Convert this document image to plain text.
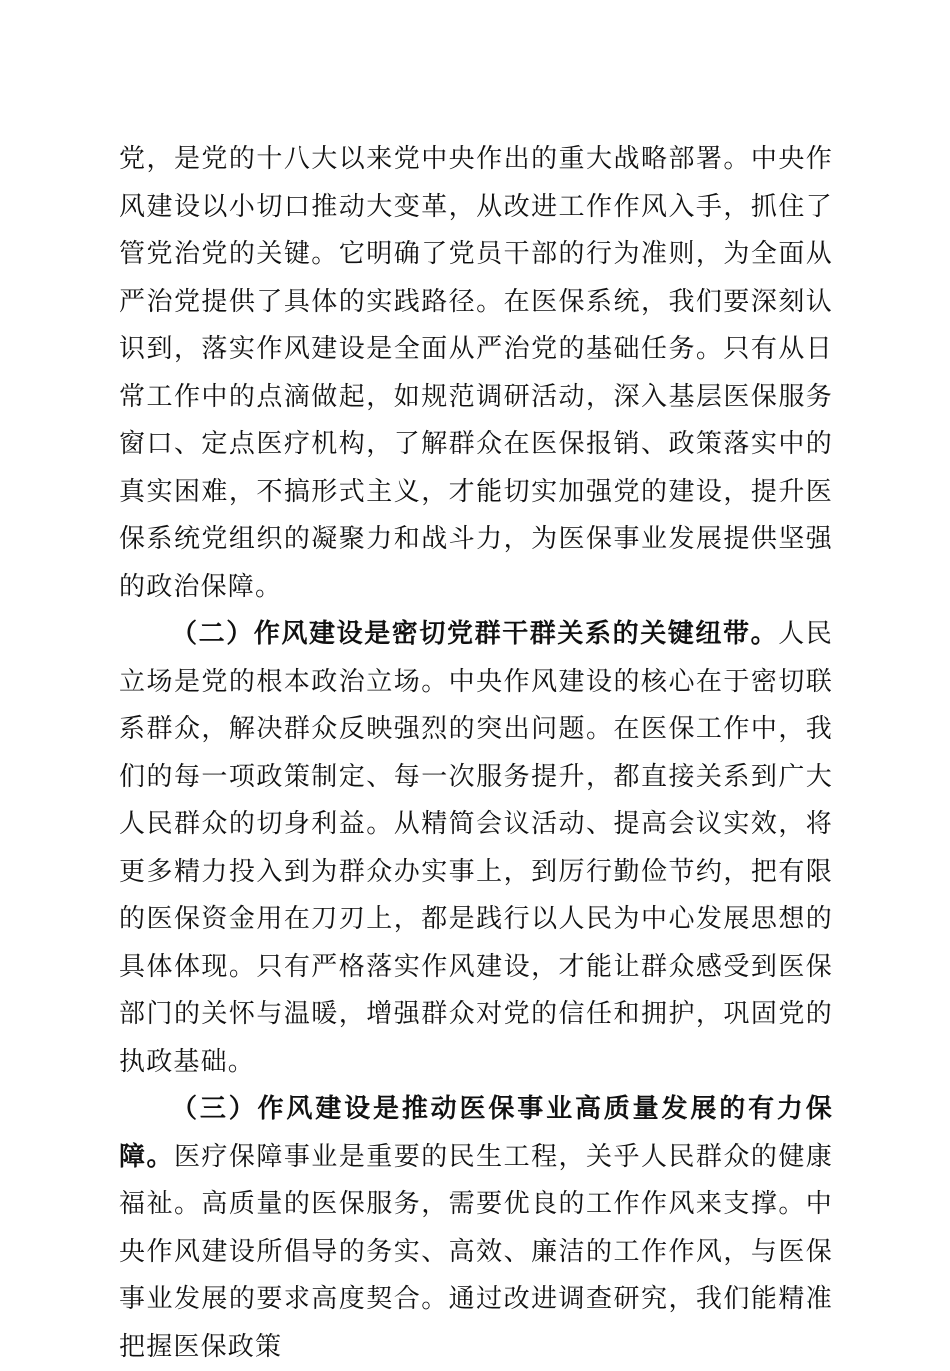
党，是党的十八大以来党中央作出的重大战略部署。中央作风建设以小切口推动大变革，从改进工作作风入手，抓住了管党治党的关键。它明确了党员干部的行为准则，为全面从严治党提供了具体的实践路径。在医保系统，我们要深刻认识到，落实作风建设是全面从严治党的基础任务。只有从日常工作中的点滴做起，如规范调研活动，深入基层医保服务窗口、定点医疗机构，了解群众在医保报销、政策落实中的真实困难，不搞形式主义，才能切实加强党的建设，提升医保系统党组织的凝聚力和战斗力，为医保事业发展提供坚强的政治保障。

（二）作风建设是密切党群干群关系的关键纽带。人民立场是党的根本政治立场。中央作风建设的核心在于密切联系群众，解决群众反映强烈的突出问题。在医保工作中，我们的每一项政策制定、每一次服务提升，都直接关系到广大人民群众的切身利益。从精简会议活动、提高会议实效，将更多精力投入到为群众办实事上，到厉行勤俭节约，把有限的医保资金用在刀刃上，都是践行以人民为中心发展思想的具体体现。只有严格落实作风建设，才能让群众感受到医保部门的关怀与温暖，增强群众对党的信任和拥护，巩固党的执政基础。

（三）作风建设是推动医保事业高质量发展的有力保障。医疗保障事业是重要的民生工程，关乎人民群众的健康福祉。高质量的医保服务，需要优良的工作作风来支撑。中央作风建设所倡导的务实、高效、廉洁的工作作风，与医保事业发展的要求高度契合。通过改进调查研究，我们能精准把握医保政策
